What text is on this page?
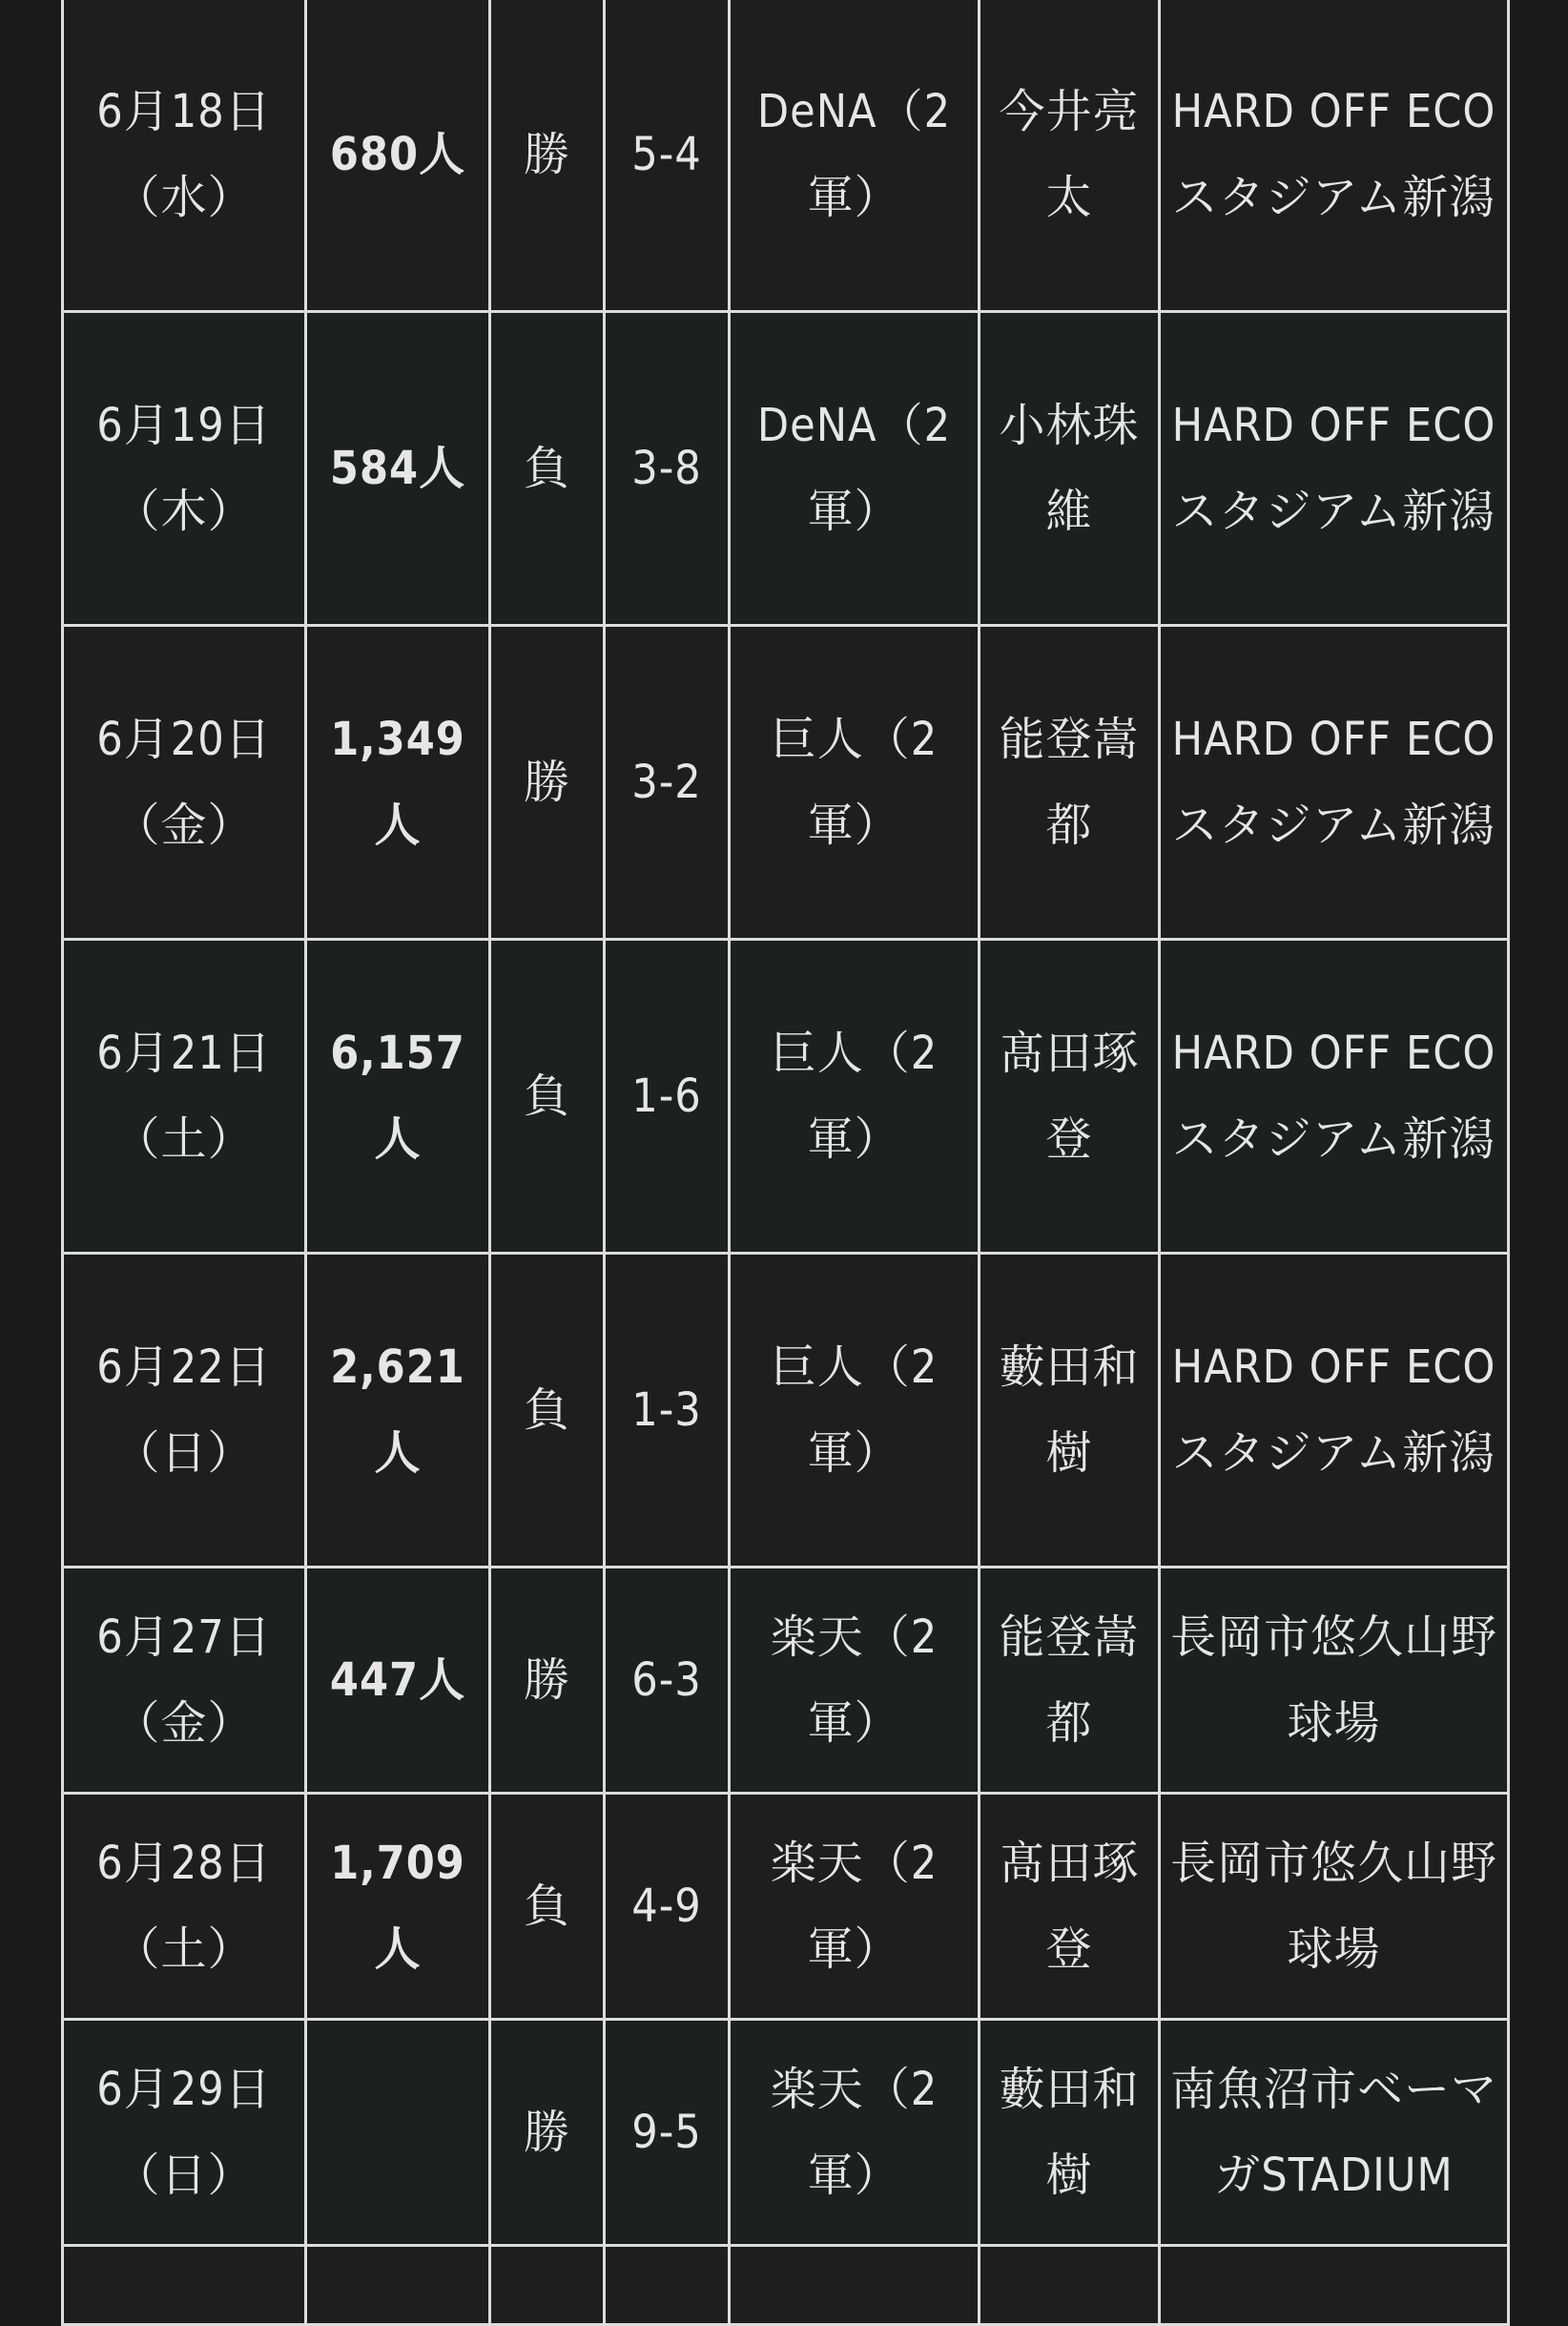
6月18日（水）	680人	勝	5-4	DeNA（2軍）	今井亮太	HARD OFF ECO スタジアム新潟
6月19日（木）	584人	負	3-8	DeNA（2軍）	小林珠維	HARD OFF ECO スタジアム新潟
6月20日（金）	1,349人	勝	3-2	巨人（2軍）	能登嵩都	HARD OFF ECO スタジアム新潟
6月21日（土）	6,157人	負	1-6	巨人（2軍）	髙田琢登	HARD OFF ECO スタジアム新潟
6月22日（日）	2,621人	負	1-3	巨人（2軍）	藪田和樹	HARD OFF ECO スタジアム新潟
6月27日（金）	447人	勝	6-3	楽天（2軍）	能登嵩都	長岡市悠久山野球場
6月28日（土）	1,709人	負	4-9	楽天（2軍）	髙田琢登	長岡市悠久山野球場
6月29日（日）		勝	9-5	楽天（2軍）	藪田和樹	南魚沼市ベーマガSTADIUM
